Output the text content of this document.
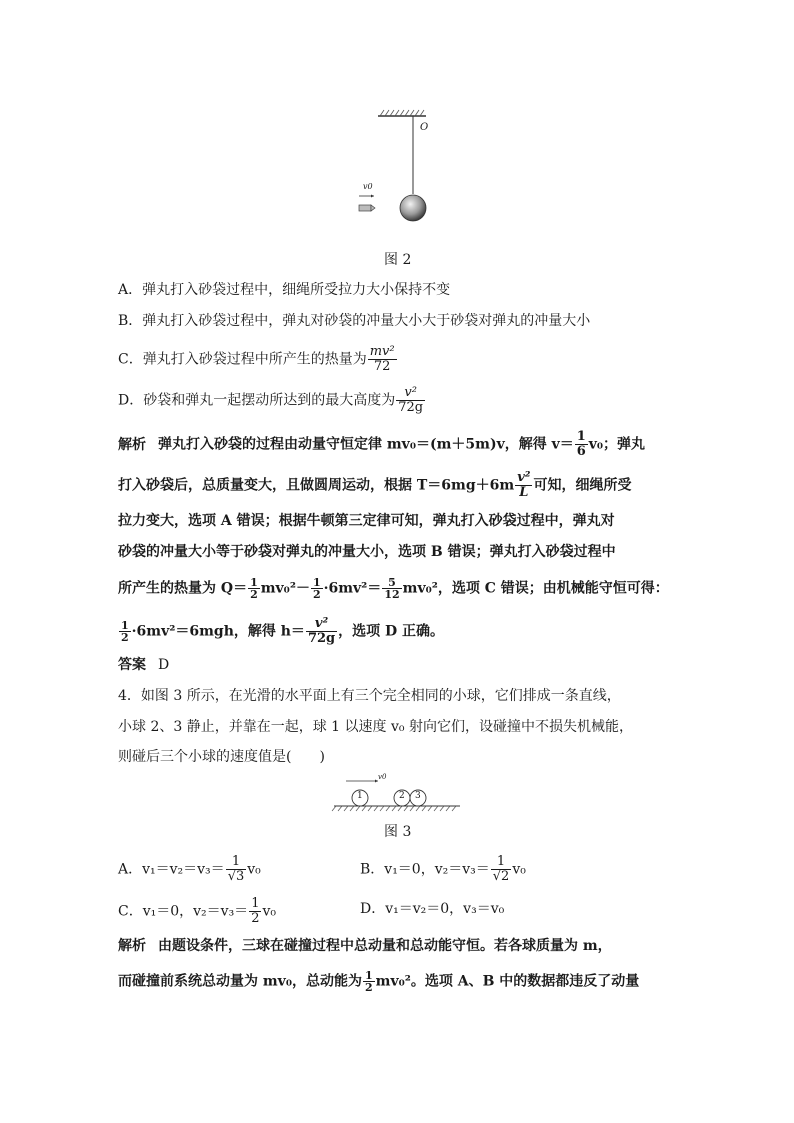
O
v0
图 2
A．弹丸打入砂袋过程中，细绳所受拉力大小保持不变
B．弹丸打入砂袋过程中，弹丸对砂袋的冲量大小大于砂袋对弹丸的冲量大小
C．弹丸打入砂袋过程中所产生的热量为 $\frac{\text{mv²}}{72}$
D．砂袋和弹丸一起摆动所达到的最大高度为 $\frac{\text{v²}}{72g}$
解析 弹丸打入砂袋的过程由动量守恒定律 mv₀＝(m＋5m)v，解得 $v= \frac{1}{6} v_0$；弹丸
打入砂袋后，总质量变大，且做圆周运动，根据 $T=6mg+6m \frac{\text{v²}}{L}$ 可知，细绳所受
拉力变大，选项 A 错误；根据牛顿第三定律可知，弹丸打入砂袋过程中，弹丸对
砂袋的冲量大小等于砂袋对弹丸的冲量大小，选项 B 错误；弹丸打入砂袋过程中
所产生的热量为 $Q= \frac{1}{2} mv_0^2- \frac{1}{2} \cdot 6mv^2= \frac{5}{12} mv_0^2$，选项 C 错误；由机械能守恒可得：
$\frac{1}{2} \cdot 6mv^2=6mgh$，解得 $h= \frac{\text{v²}}{72g}$ ，选项 D 正确。
答案 D
4．如图 3 所示，在光滑的水平面上有三个完全相同的小球，它们排成一条直线，
小球 2、3 静止，并靠在一起，球 1 以速度 v₀ 射向它们，设碰撞中不损失机械能，
则碰后三个小球的速度值是(　　)
v0
1	2 3
图 3
A．$v_1=v_2=v_3= \frac{1}{√3} v_0$	B．v₁＝0，$v_2=v_3= \frac{1}{√2} v_0$
C．v₁＝0，$v_2=v_3= \frac{1}{2} v_0$	D．v₁＝v₂＝0，v₃＝v₀
解析 由题设条件，三球在碰撞过程中总动量和总动能守恒。若各球质量为 m，
而碰撞前系统总动量为 mv₀，总动能为 $\frac{1}{2} mv_0^2$。选项 A、B 中的数据都违反了动量
